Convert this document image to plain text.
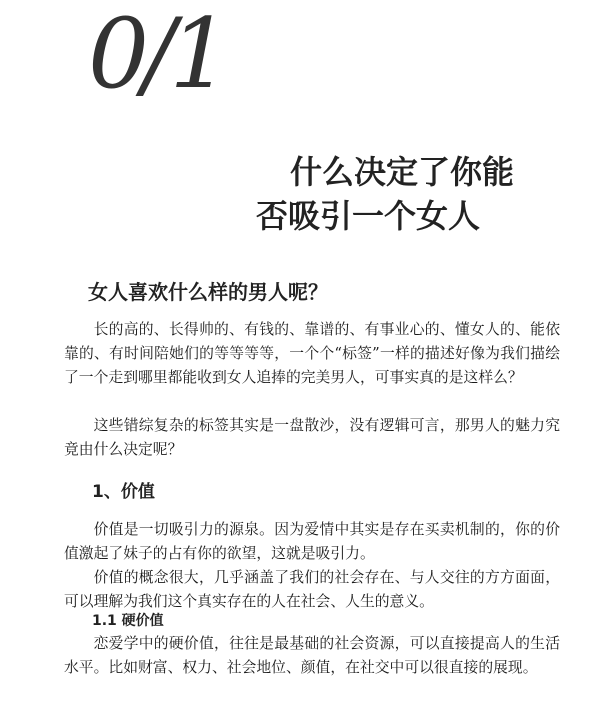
0/1
什么决定了你能
否吸引一个女人
女人喜欢什么样的男人呢？

长的高的、长得帅的、有钱的、靠谱的、有事业心的、懂女人的、能依靠的、有时间陪她们的等等等等，一个个“标签”一样的描述好像为我们描绘了一个走到哪里都能收到女人追捧的完美男人，可事实真的是这样么？

这些错综复杂的标签其实是一盘散沙，没有逻辑可言，那男人的魅力究竟由什么决定呢？

1、价值

价值是一切吸引力的源泉。因为爱情中其实是存在买卖机制的，你的价值激起了妹子的占有你的欲望，这就是吸引力。

价值的概念很大，几乎涵盖了我们的社会存在、与人交往的方方面面，可以理解为我们这个真实存在的人在社会、人生的意义。

1.1 硬价值

恋爱学中的硬价值，往往是最基础的社会资源，可以直接提高人的生活水平。比如财富、权力、社会地位、颜值，在社交中可以很直接的展现。
